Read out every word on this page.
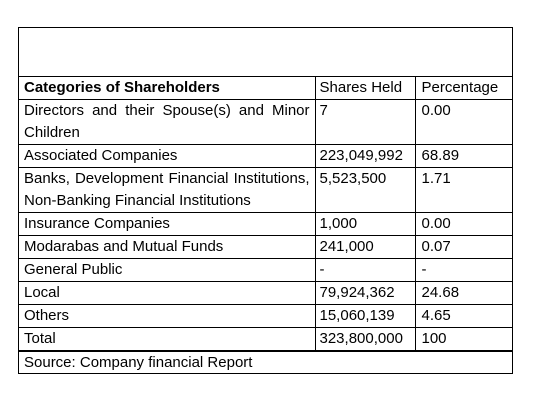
Categories of Shareholders	Shares Held	Percentage
Directors and their Spouse(s) and Minor Children	7	0.00
Associated Companies	223,049,992	68.89
Banks, Development Financial Institutions, Non-Banking Financial Institutions	5,523,500	1.71
Insurance Companies	1,000	0.00
Modarabas and Mutual Funds	241,000	0.07
General Public	-	-
Local	79,924,362	24.68
Others	15,060,139	4.65
Total	323,800,000	100
Source: Company financial Report
